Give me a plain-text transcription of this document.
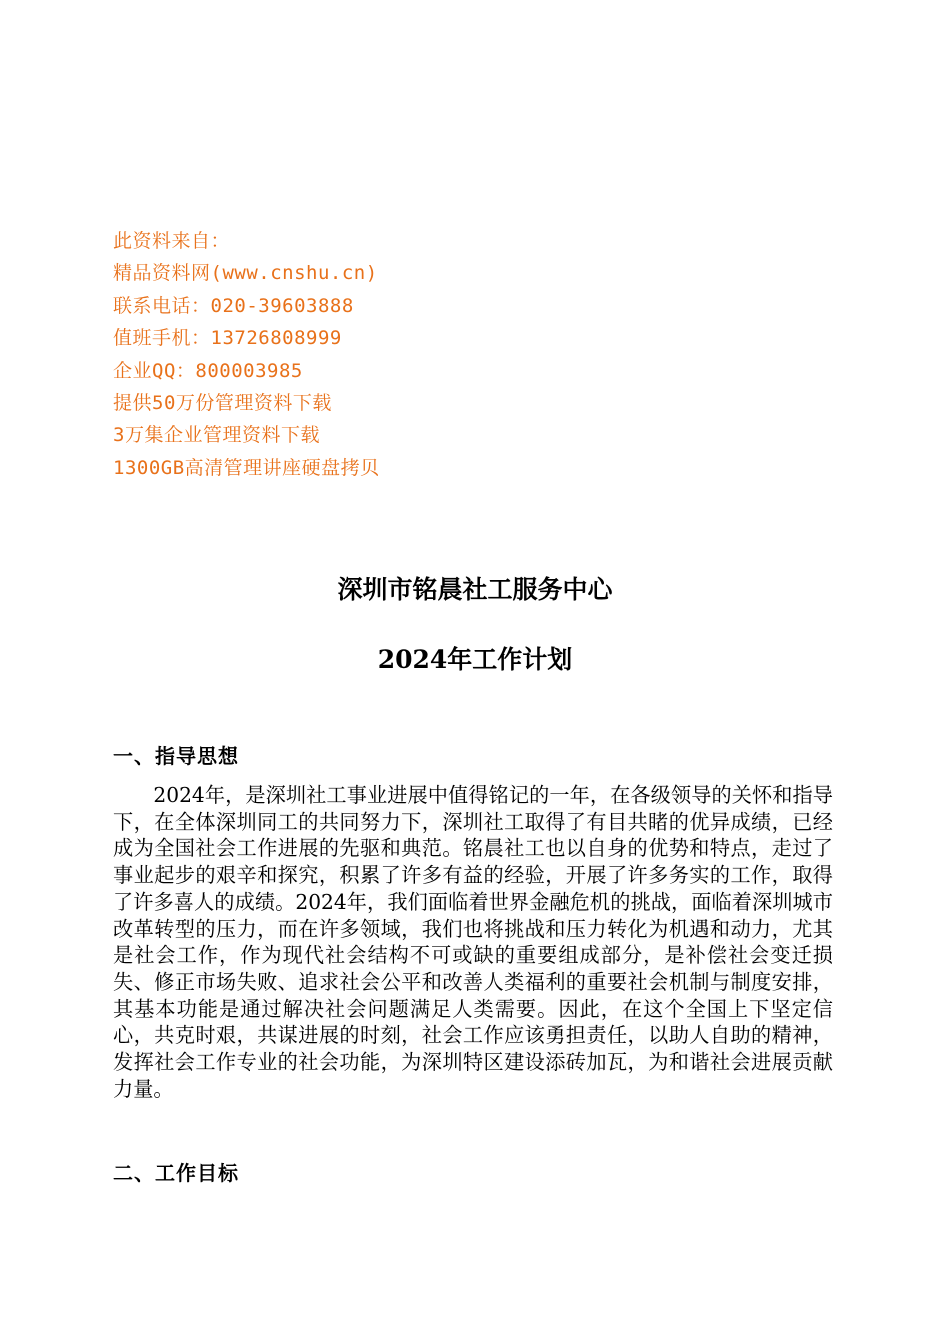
此资料来自：
精品资料网(www.cnshu.cn)
联系电话：020-39603888
值班手机：13726808999
企业QQ：800003985
提供50万份管理资料下载
3万集企业管理资料下载
1300GB高清管理讲座硬盘拷贝
深圳市铭晨社工服务中心
2024年工作计划
一、指导思想

2024年，是深圳社工事业进展中值得铭记的一年，在各级领导的关怀和指导下，在全体深圳同工的共同努力下，深圳社工取得了有目共睹的优异成绩，已经成为全国社会工作进展的先驱和典范。铭晨社工也以自身的优势和特点，走过了事业起步的艰辛和探究，积累了许多有益的经验，开展了许多务实的工作，取得了许多喜人的成绩。2024年，我们面临着世界金融危机的挑战，面临着深圳城市改革转型的压力，而在许多领域，我们也将挑战和压力转化为机遇和动力，尤其是社会工作，作为现代社会结构不可或缺的重要组成部分，是补偿社会变迁损失、修正市场失败、追求社会公平和改善人类福利的重要社会机制与制度安排，其基本功能是通过解决社会问题满足人类需要。因此，在这个全国上下坚定信心，共克时艰，共谋进展的时刻，社会工作应该勇担责任，以助人自助的精神，发挥社会工作专业的社会功能，为深圳特区建设添砖加瓦，为和谐社会进展贡献力量。

二、工作目标
